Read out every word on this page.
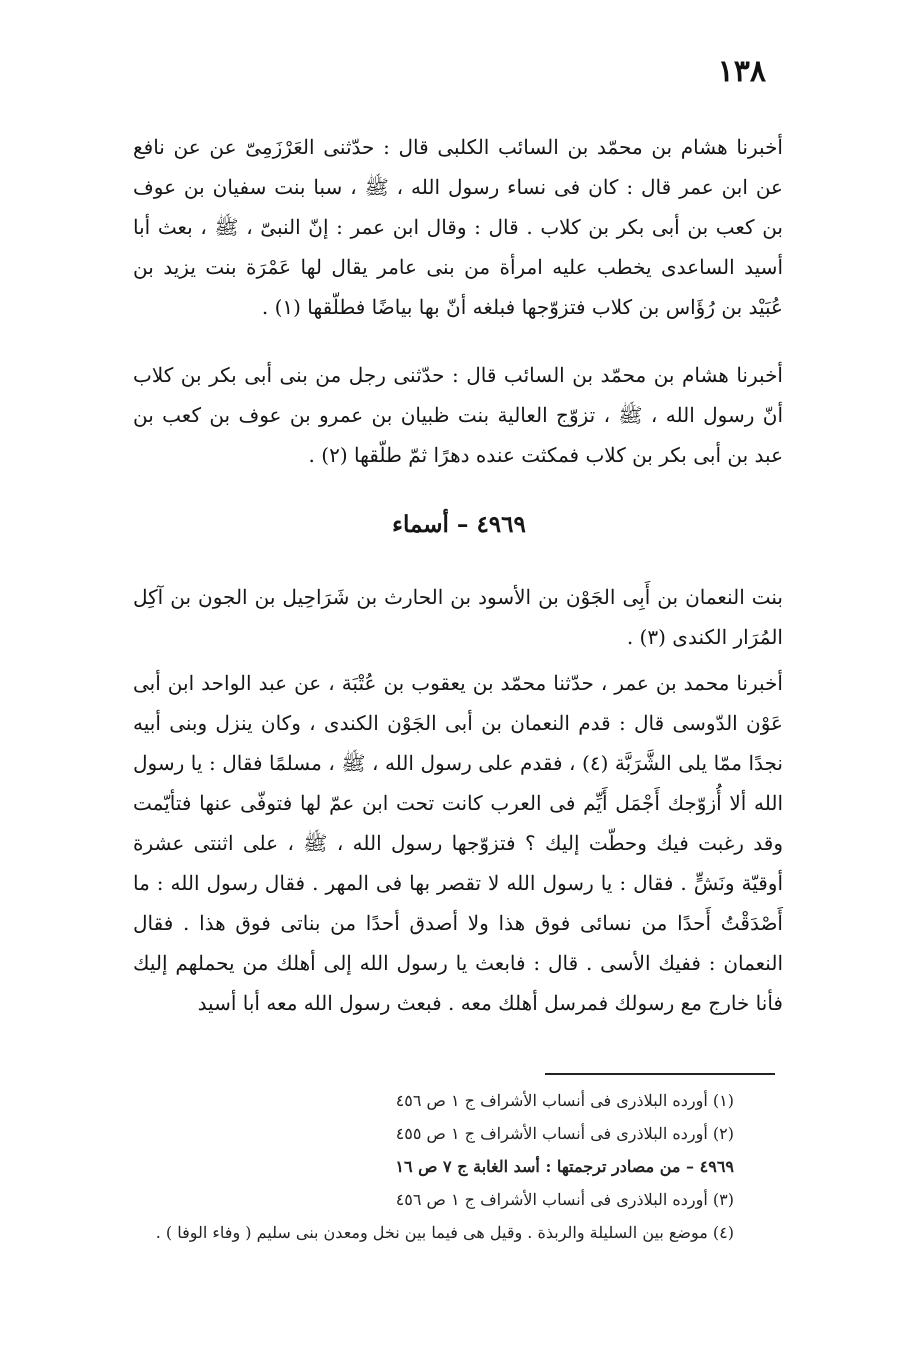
١٣٨

أخبرنا هشام بن محمّد بن السائب الكلبى قال : حدّثنى العَرْزَمِىّ عن عن نافع عن ابن عمر قال : كان فى نساء رسول الله ، ﷺ ، سبا بنت سفيان بن عوف بن كعب بن أبى بكر بن كلاب . قال : وقال ابن عمر : إنّ النبىّ ، ﷺ ، بعث أبا أسيد الساعدى يخطب عليه امرأة من بنى عامر يقال لها عَمْرَة بنت يزيد بن عُبَيْد بن رُؤَاس بن كلاب فتزوّجها فبلغه أنّ بها بياضًا فطلّقها (١) .

أخبرنا هشام بن محمّد بن السائب قال : حدّثنى رجل من بنى أبى بكر بن كلاب أنّ رسول الله ، ﷺ ، تزوّج العالية بنت ظبيان بن عمرو بن عوف بن كعب بن عبد بن أبى بكر بن كلاب فمكثت عنده دهرًا ثمّ طلّقها (٢) .

٤٩٦٩ – أسماء

بنت النعمان بن أَبِى الجَوْن بن الأسود بن الحارث بن شَرَاحِيل بن الجون بن آكِل المُرَار الكندى (٣) .

أخبرنا محمد بن عمر ، حدّثنا محمّد بن يعقوب بن عُتْبَة ، عن عبد الواحد ابن أبى عَوْن الدّوسى قال : قدم النعمان بن أبى الجَوْن الكندى ، وكان ينزل وبنى أبيه نجدًا ممّا يلى الشَّرَبَّة (٤) ، فقدم على رسول الله ، ﷺ ، مسلمًا فقال : يا رسول الله ألا أُزوّجك أَجْمَل أَيِّم فى العرب كانت تحت ابن عمّ لها فتوفّى عنها فتأيّمت وقد رغبت فيك وحطّت إليك ؟ فتزوّجها رسول الله ، ﷺ ، على اثنتى عشرة أوقيّة ونَشٍّ . فقال : يا رسول الله لا تقصر بها فى المهر . فقال رسول الله : ما أَصْدَقْتُ أَحدًا من نسائى فوق هذا ولا أصدق أحدًا من بناتى فوق هذا . فقال النعمان : ففيك الأسى . قال : فابعث يا رسول الله إلى أهلك من يحملهم إليك فأنا خارج مع رسولك فمرسل أهلك معه . فبعث رسول الله معه أبا أسيد

(١) أورده البلاذرى فى أنساب الأشراف ج ١ ص ٤٥٦
(٢) أورده البلاذرى فى أنساب الأشراف ج ١ ص ٤٥٥
٤٩٦٩ – من مصادر ترجمتها : أسد الغابة ج ٧ ص ١٦
(٣) أورده البلاذرى فى أنساب الأشراف ج ١ ص ٤٥٦
(٤) موضع بين السليلة والربذة . وقيل هى فيما بين نخل ومعدن بنى سليم ( وفاء الوفا ) .
